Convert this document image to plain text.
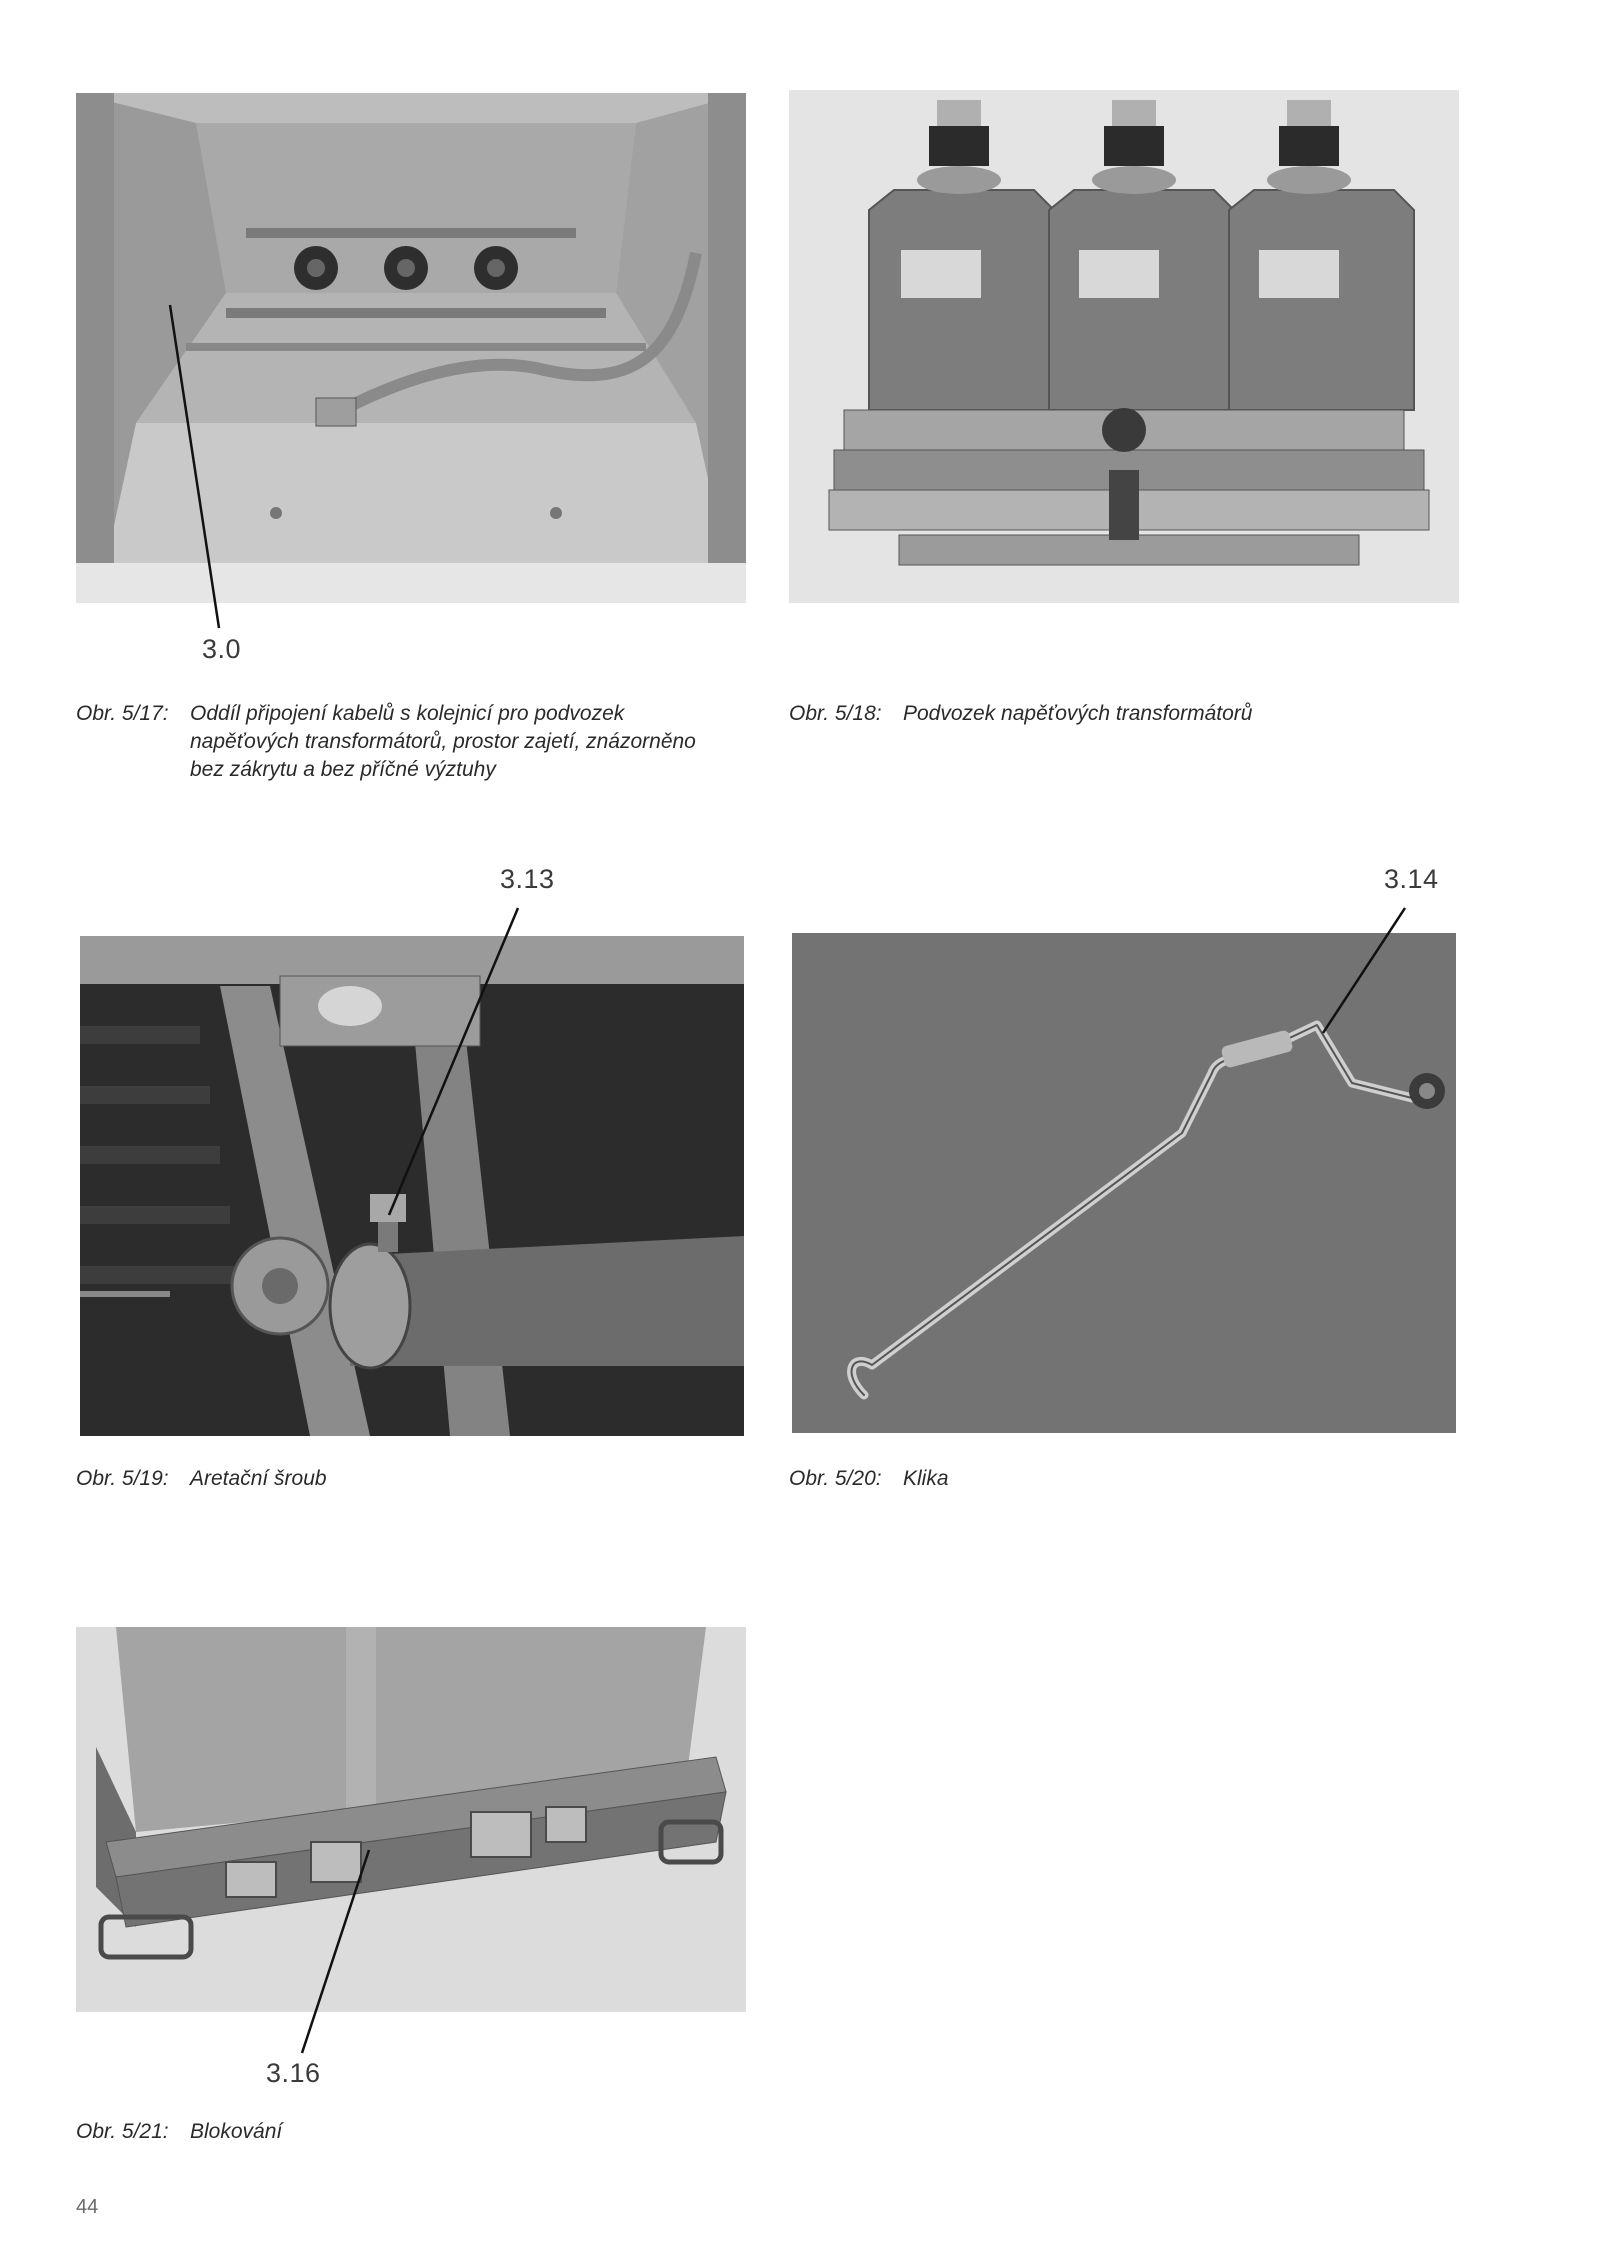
3.0
Obr. 5/17: Oddíl připojení kabelů s kolejnicí pro podvozek
napěťových transformátorů, prostor zajetí, znázorněno
bez zákrytu a bez příčné výztuhy
Obr. 5/18: Podvozek napěťových transformátorů
3.13
Obr. 5/19: Aretační šroub
3.14
Obr. 5/20: Klika
3.16
Obr. 5/21: Blokování
44
